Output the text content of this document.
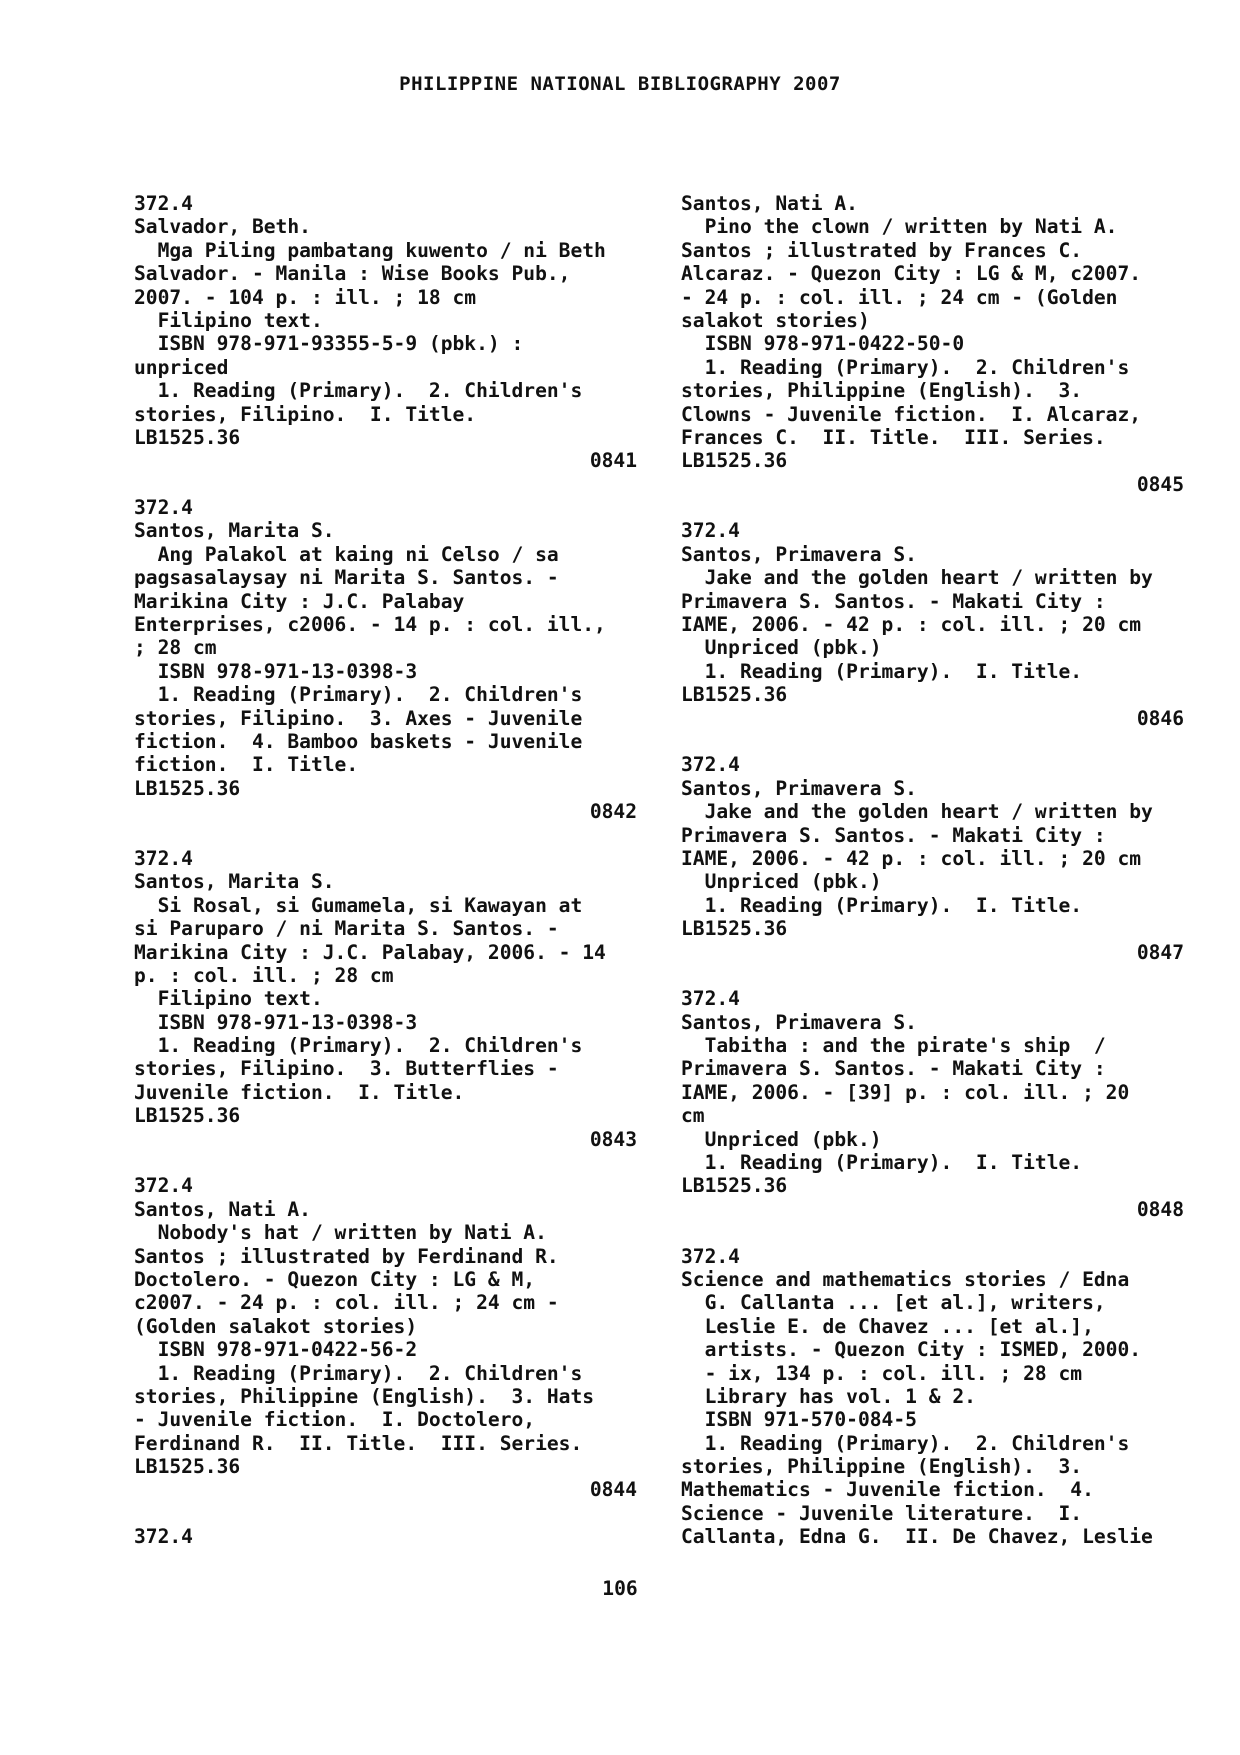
PHILIPPINE NATIONAL BIBLIOGRAPHY 2007
372.4
Salvador, Beth.
Mga Piling pambatang kuwento / ni Beth
Salvador. - Manila : Wise Books Pub.,
2007. - 104 p. : ill. ; 18 cm
Filipino text.
ISBN 978-971-93355-5-9 (pbk.) :
unpriced
1. Reading (Primary).  2. Children's
stories, Filipino.  I. Title.
LB1525.36
0841
372.4
Santos, Marita S.
Ang Palakol at kaing ni Celso / sa
pagsasalaysay ni Marita S. Santos. -
Marikina City : J.C. Palabay
Enterprises, c2006. - 14 p. : col. ill.,
; 28 cm
ISBN 978-971-13-0398-3
1. Reading (Primary).  2. Children's
stories, Filipino.  3. Axes - Juvenile
fiction.  4. Bamboo baskets - Juvenile
fiction.  I. Title.
LB1525.36
0842
372.4
Santos, Marita S.
Si Rosal, si Gumamela, si Kawayan at
si Paruparo / ni Marita S. Santos. -
Marikina City : J.C. Palabay, 2006. - 14
p. : col. ill. ; 28 cm
Filipino text.
ISBN 978-971-13-0398-3
1. Reading (Primary).  2. Children's
stories, Filipino.  3. Butterflies -
Juvenile fiction.  I. Title.
LB1525.36
0843
372.4
Santos, Nati A.
Nobody's hat / written by Nati A.
Santos ; illustrated by Ferdinand R.
Doctolero. - Quezon City : LG & M,
c2007. - 24 p. : col. ill. ; 24 cm -
(Golden salakot stories)
ISBN 978-971-0422-56-2
1. Reading (Primary).  2. Children's
stories, Philippine (English).  3. Hats
- Juvenile fiction.  I. Doctolero,
Ferdinand R.  II. Title.  III. Series.
LB1525.36
0844
372.4
Santos, Nati A.
Pino the clown / written by Nati A.
Santos ; illustrated by Frances C.
Alcaraz. - Quezon City : LG & M, c2007.
- 24 p. : col. ill. ; 24 cm - (Golden
salakot stories)
ISBN 978-971-0422-50-0
1. Reading (Primary).  2. Children's
stories, Philippine (English).  3.
Clowns - Juvenile fiction.  I. Alcaraz,
Frances C.  II. Title.  III. Series.
LB1525.36
0845
372.4
Santos, Primavera S.
Jake and the golden heart / written by
Primavera S. Santos. - Makati City :
IAME, 2006. - 42 p. : col. ill. ; 20 cm
Unpriced (pbk.)
1. Reading (Primary).  I. Title.
LB1525.36
0846
372.4
Santos, Primavera S.
Jake and the golden heart / written by
Primavera S. Santos. - Makati City :
IAME, 2006. - 42 p. : col. ill. ; 20 cm
Unpriced (pbk.)
1. Reading (Primary).  I. Title.
LB1525.36
0847
372.4
Santos, Primavera S.
Tabitha : and the pirate's ship  /
Primavera S. Santos. - Makati City :
IAME, 2006. - [39] p. : col. ill. ; 20
cm
Unpriced (pbk.)
1. Reading (Primary).  I. Title.
LB1525.36
0848
372.4
Science and mathematics stories / Edna
G. Callanta ... [et al.], writers,
Leslie E. de Chavez ... [et al.],
artists. - Quezon City : ISMED, 2000.
- ix, 134 p. : col. ill. ; 28 cm
Library has vol. 1 & 2.
ISBN 971-570-084-5
1. Reading (Primary).  2. Children's
stories, Philippine (English).  3.
Mathematics - Juvenile fiction.  4.
Science - Juvenile literature.  I.
Callanta, Edna G.  II. De Chavez, Leslie
106
